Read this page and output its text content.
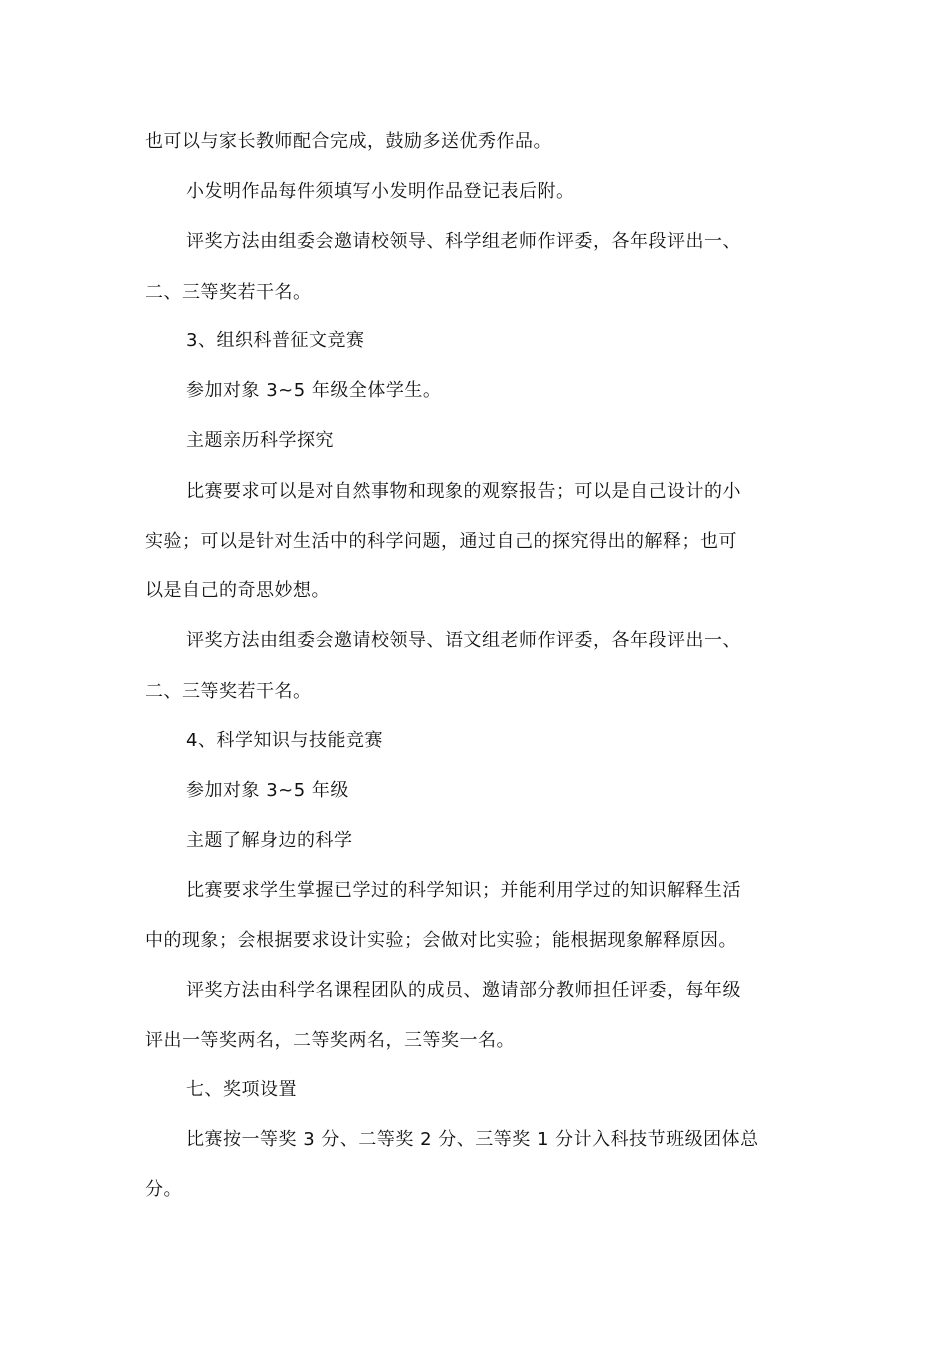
也可以与家长教师配合完成，鼓励多送优秀作品。
小发明作品每件须填写小发明作品登记表后附。
评奖方法由组委会邀请校领导、科学组老师作评委，各年段评出一、
二、三等奖若干名。
3、组织科普征文竞赛
参加对象 3~5 年级全体学生。
主题亲历科学探究
比赛要求可以是对自然事物和现象的观察报告；可以是自己设计的小
实验；可以是针对生活中的科学问题，通过自己的探究得出的解释；也可
以是自己的奇思妙想。
评奖方法由组委会邀请校领导、语文组老师作评委，各年段评出一、
二、三等奖若干名。
4、科学知识与技能竞赛
参加对象 3~5 年级
主题了解身边的科学
比赛要求学生掌握已学过的科学知识；并能利用学过的知识解释生活
中的现象；会根据要求设计实验；会做对比实验；能根据现象解释原因。
评奖方法由科学名课程团队的成员、邀请部分教师担任评委，每年级
评出一等奖两名，二等奖两名，三等奖一名。
七、奖项设置
比赛按一等奖 3 分、二等奖 2 分、三等奖 1 分计入科技节班级团体总
分。
